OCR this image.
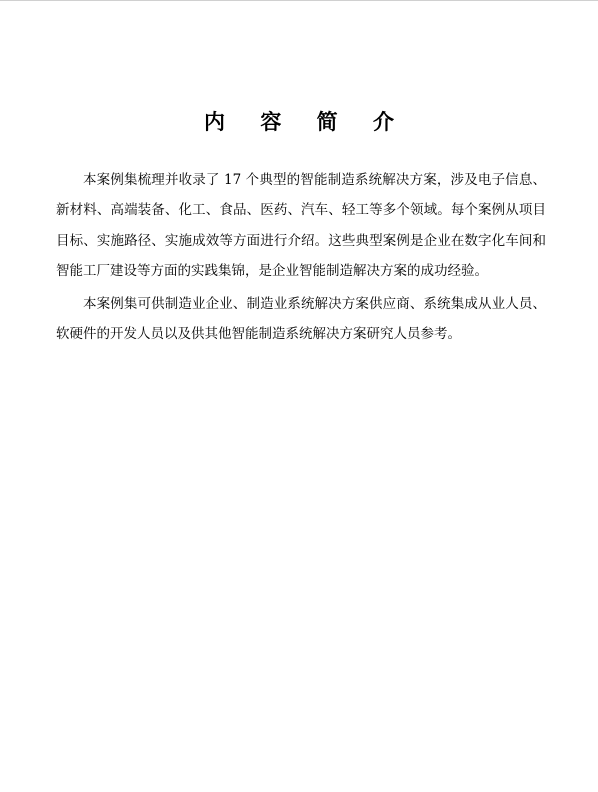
内 容 简 介

本案例集梳理并收录了 17 个典型的智能制造系统解决方案，涉及电子信息、新材料、高端装备、化工、食品、医药、汽车、轻工等多个领域。每个案例从项目目标、实施路径、实施成效等方面进行介绍。这些典型案例是企业在数字化车间和智能工厂建设等方面的实践集锦，是企业智能制造解决方案的成功经验。

本案例集可供制造业企业、制造业系统解决方案供应商、系统集成从业人员、软硬件的开发人员以及供其他智能制造系统解决方案研究人员参考。
